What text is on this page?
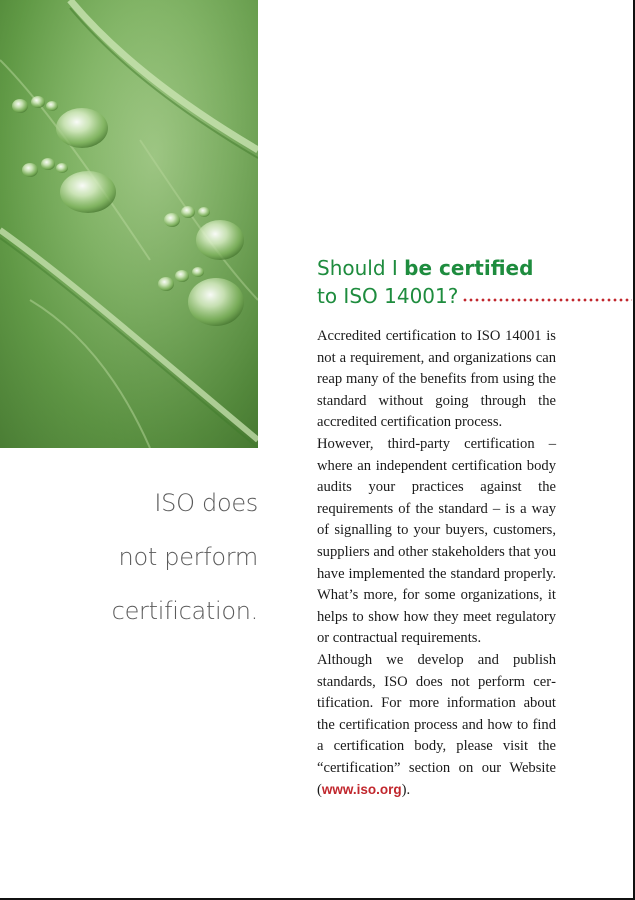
ISO does
not perform
certification.
Should I be certified
to ISO 14001?
Accredited certification to ISO 14001 is not a requirement, and organizations can reap many of the benefits from using the standard without going through the accredited certification process.
However, third-party certification – where an independent certification body audits your practices against the requirements of the standard – is a way of signalling to your buyers, customers, suppliers and other stakeholders that you have implemented the standard properly. What’s more, for some organizations, it helps to show how they meet regulatory or contractual requirements.
Although we develop and publish standards, ISO does not perform certification. For more information about the certification process and how to find a certification body, please visit the “certification” section on our Website (www.iso.org).
